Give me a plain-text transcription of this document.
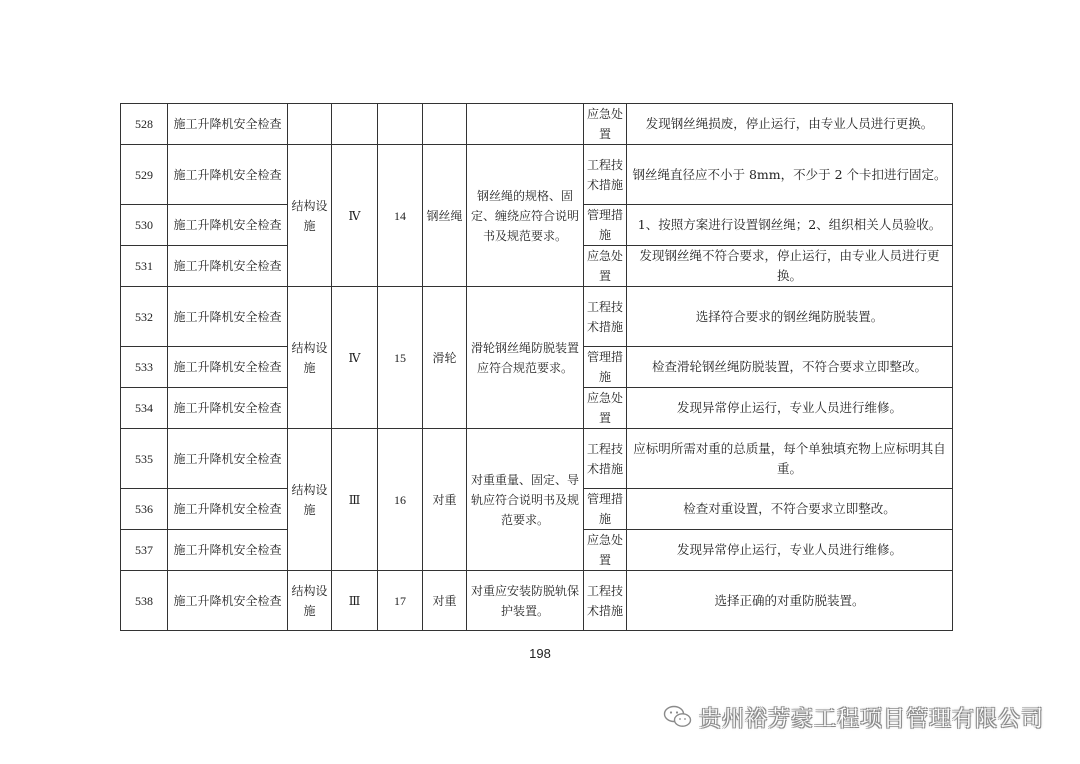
528	施工升降机安全检查						应急处置	发现钢丝绳损废，停止运行，由专业人员进行更换。
529	施工升降机安全检查	结构设施	Ⅳ	14	钢丝绳	钢丝绳的规格、固定、缠绕应符合说明书及规范要求。	工程技术措施	钢丝绳直径应不小于 8mm，不少于 2 个卡扣进行固定。
530	施工升降机安全检查						管理措施	1、按照方案进行设置钢丝绳；2、组织相关人员验收。
531	施工升降机安全检查						应急处置	发现钢丝绳不符合要求，停止运行，由专业人员进行更换。
532	施工升降机安全检查	结构设施	Ⅳ	15	滑轮	滑轮钢丝绳防脱装置应符合规范要求。	工程技术措施	选择符合要求的钢丝绳防脱装置。
533	施工升降机安全检查						管理措施	检查滑轮钢丝绳防脱装置，不符合要求立即整改。
534	施工升降机安全检查						应急处置	发现异常停止运行，专业人员进行维修。
535	施工升降机安全检查	结构设施	Ⅲ	16	对重	对重重量、固定、导轨应符合说明书及规范要求。	工程技术措施	应标明所需对重的总质量，每个单独填充物上应标明其自重。
536	施工升降机安全检查						管理措施	检查对重设置，不符合要求立即整改。
537	施工升降机安全检查						应急处置	发现异常停止运行，专业人员进行维修。
538	施工升降机安全检查	结构设施	Ⅲ	17	对重	对重应安装防脱轨保护装置。	工程技术措施	选择正确的对重防脱装置。
198
贵州裕芳豪工程项目管理有限公司
